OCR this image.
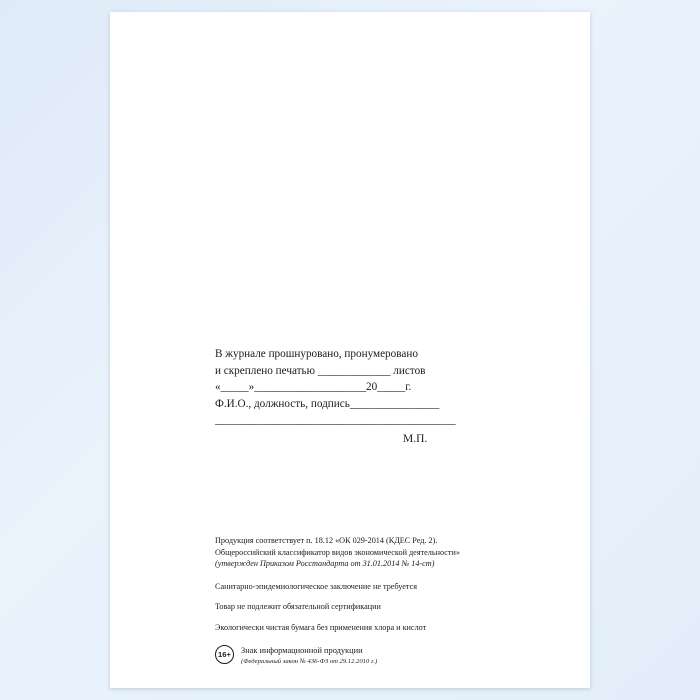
В журнале прошнуровано, пронумеровано
и скреплено печатью _____________ листов
«_____»____________________20_____г.
Ф.И.О., должность, подпись________________
___________________________________________
М.П.
Продукция соответствует п. 18.12 «ОК 029-2014 (КДЕС Ред. 2).
Общероссийский классификатор видов экономической деятельности»
(утвержден Приказом Росстандарта от 31.01.2014 № 14-ст)
Санитарно-эпидемиологическое заключение не требуется
Товар не подлежит обязательной сертификации
Экологически чистая бумага без применения хлора и кислот
16+	Знак информационной продукции
(Федеральный закон № 436-ФЗ от 29.12.2010 г.)
